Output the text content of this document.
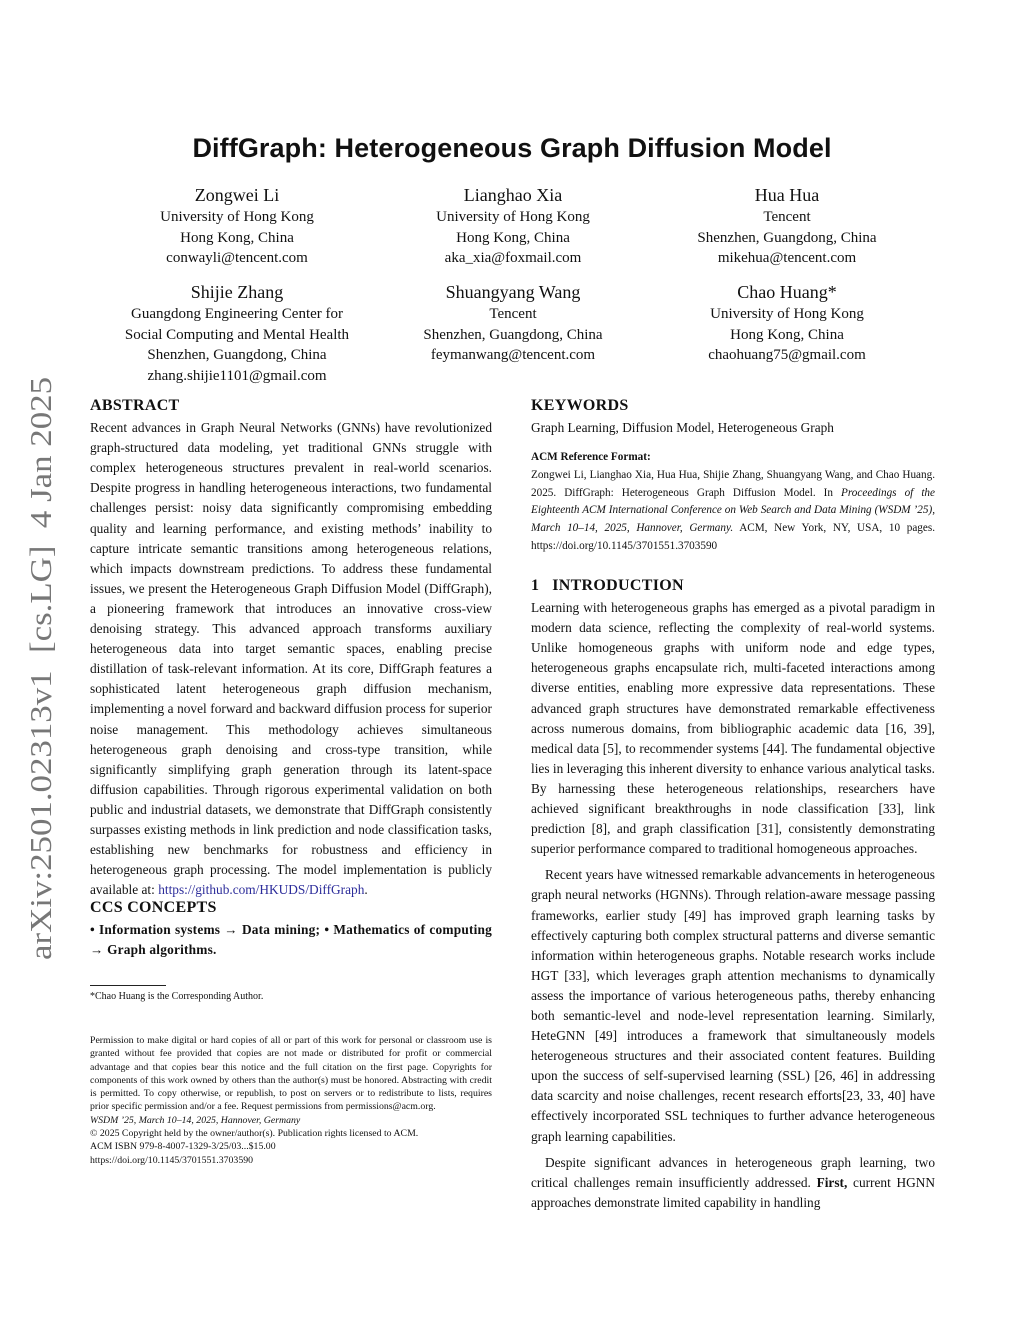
arXiv:2501.02313v1  [cs.LG]  4 Jan 2025
DiffGraph: Heterogeneous Graph Diffusion Model
Zongwei Li
University of Hong Kong
Hong Kong, China
conwayli@tencent.com
Lianghao Xia
University of Hong Kong
Hong Kong, China
aka_xia@foxmail.com
Hua Hua
Tencent
Shenzhen, Guangdong, China
mikehua@tencent.com
Shijie Zhang
Guangdong Engineering Center for
Social Computing and Mental Health
Shenzhen, Guangdong, China
zhang.shijie1101@gmail.com
Shuangyang Wang
Tencent
Shenzhen, Guangdong, China
feymanwang@tencent.com
Chao Huang*
University of Hong Kong
Hong Kong, China
chaohuang75@gmail.com
ABSTRACT

Recent advances in Graph Neural Networks (GNNs) have revolutionized graph-structured data modeling, yet traditional GNNs struggle with complex heterogeneous structures prevalent in real-world scenarios. Despite progress in handling heterogeneous interactions, two fundamental challenges persist: noisy data significantly compromising embedding quality and learning performance, and existing methods’ inability to capture intricate semantic transitions among heterogeneous relations, which impacts downstream predictions. To address these fundamental issues, we present the Heterogeneous Graph Diffusion Model (DiffGraph), a pioneering framework that introduces an innovative cross-view denoising strategy. This advanced approach transforms auxiliary heterogeneous data into target semantic spaces, enabling precise distillation of task-relevant information. At its core, DiffGraph features a sophisticated latent heterogeneous graph diffusion mechanism, implementing a novel forward and backward diffusion process for superior noise management. This methodology achieves simultaneous heterogeneous graph denoising and cross-type transition, while significantly simplifying graph generation through its latent-space diffusion capabilities. Through rigorous experimental validation on both public and industrial datasets, we demonstrate that DiffGraph consistently surpasses existing methods in link prediction and node classification tasks, establishing new benchmarks for robustness and efficiency in heterogeneous graph processing. The model implementation is publicly available at: https://github.com/HKUDS/DiffGraph.

CCS CONCEPTS

• Information systems → Data mining; • Mathematics of computing → Graph algorithms.

*Chao Huang is the Corresponding Author.

Permission to make digital or hard copies of all or part of this work for personal or classroom use is granted without fee provided that copies are not made or distributed for profit or commercial advantage and that copies bear this notice and the full citation on the first page. Copyrights for components of this work owned by others than the author(s) must be honored. Abstracting with credit is permitted. To copy otherwise, or republish, to post on servers or to redistribute to lists, requires prior specific permission and/or a fee. Request permissions from permissions@acm.org.

WSDM ’25, March 10–14, 2025, Hannover, Germany

© 2025 Copyright held by the owner/author(s). Publication rights licensed to ACM.

ACM ISBN 979-8-4007-1329-3/25/03...$15.00

https://doi.org/10.1145/3701551.3703590

KEYWORDS

Graph Learning, Diffusion Model, Heterogeneous Graph

ACM Reference Format:

Zongwei Li, Lianghao Xia, Hua Hua, Shijie Zhang, Shuangyang Wang, and Chao Huang. 2025. DiffGraph: Heterogeneous Graph Diffusion Model. In Proceedings of the Eighteenth ACM International Conference on Web Search and Data Mining (WSDM ’25), March 10–14, 2025, Hannover, Germany. ACM, New York, NY, USA, 10 pages. https://doi.org/10.1145/3701551.3703590

1   INTRODUCTION

Learning with heterogeneous graphs has emerged as a pivotal paradigm in modern data science, reflecting the complexity of real-world systems. Unlike homogeneous graphs with uniform node and edge types, heterogeneous graphs encapsulate rich, multi-faceted interactions among diverse entities, enabling more expressive data representations. These advanced graph structures have demonstrated remarkable effectiveness across numerous domains, from bibliographic academic data [16, 39], medical data [5], to recommender systems [44]. The fundamental objective lies in leveraging this inherent diversity to enhance various analytical tasks. By harnessing these heterogeneous relationships, researchers have achieved significant breakthroughs in node classification [33], link prediction [8], and graph classification [31], consistently demonstrating superior performance compared to traditional homogeneous approaches.

Recent years have witnessed remarkable advancements in heterogeneous graph neural networks (HGNNs). Through relation-aware message passing frameworks, earlier study [49] has improved graph learning tasks by effectively capturing both complex structural patterns and diverse semantic information within heterogeneous graphs. Notable research works include HGT [33], which leverages graph attention mechanisms to dynamically assess the importance of various heterogeneous paths, thereby enhancing both semantic-level and node-level representation learning. Similarly, HeteGNN [49] introduces a framework that simultaneously models heterogeneous structures and their associated content features. Building upon the success of self-supervised learning (SSL) [26, 46] in addressing data scarcity and noise challenges, recent research efforts[23, 33, 40] have effectively incorporated SSL techniques to further advance heterogeneous graph learning capabilities.

Despite significant advances in heterogeneous graph learning, two critical challenges remain insufficiently addressed. First, current HGNN approaches demonstrate limited capability in handling
